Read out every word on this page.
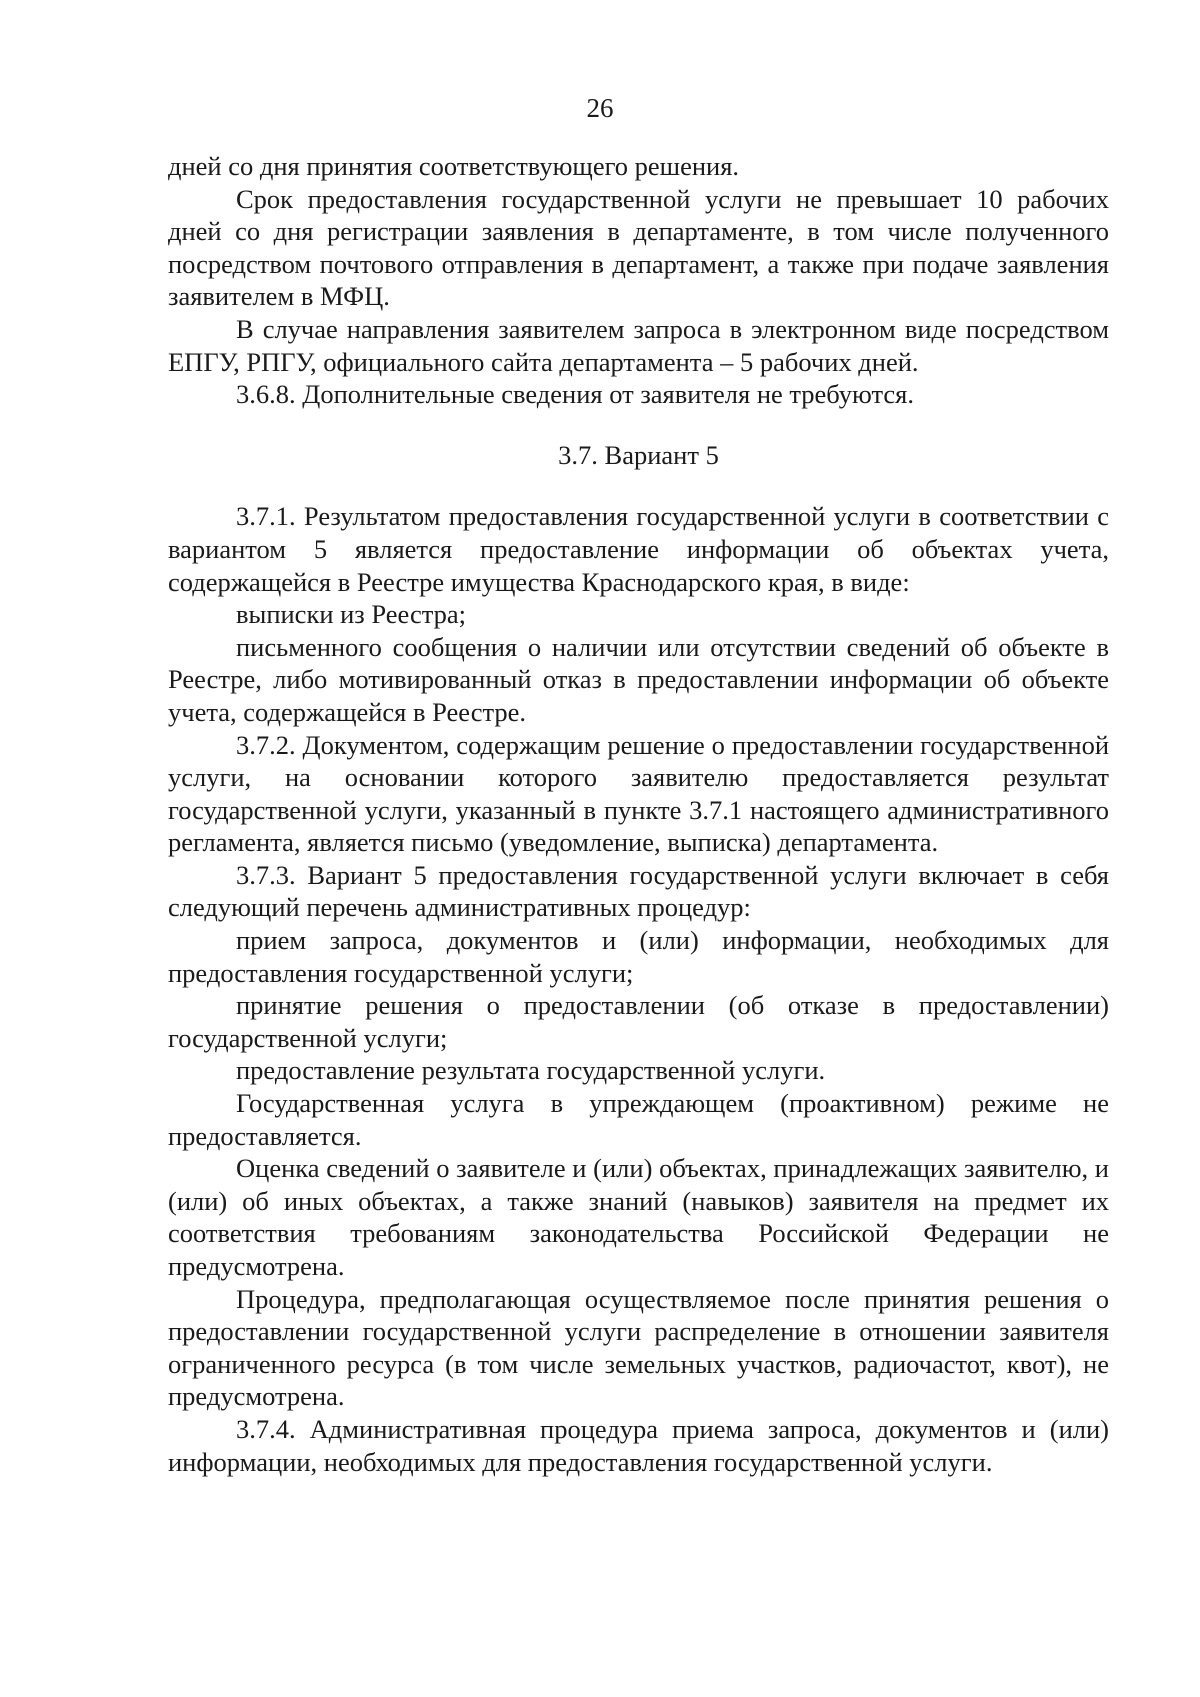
26

дней со дня принятия соответствующего решения.

Срок предоставления государственной услуги не превышает 10 рабочих дней со дня регистрации заявления в департаменте, в том числе полученного посредством почтового отправления в департамент, а также при подаче заявления заявителем в МФЦ.

В случае направления заявителем запроса в электронном виде посредством ЕПГУ, РПГУ, официального сайта департамента – 5 рабочих дней.

3.6.8. Дополнительные сведения от заявителя не требуются.

3.7. Вариант 5

3.7.1. Результатом предоставления государственной услуги в соответствии с вариантом 5 является предоставление информации об объектах учета, содержащейся в Реестре имущества Краснодарского края, в виде:

выписки из Реестра;

письменного сообщения о наличии или отсутствии сведений об объекте в Реестре, либо мотивированный отказ в предоставлении информации об объекте учета, содержащейся в Реестре.

3.7.2. Документом, содержащим решение о предоставлении государственной услуги, на основании которого заявителю предоставляется результат государственной услуги, указанный в пункте 3.7.1 настоящего административного регламента, является письмо (уведомление, выписка) департамента.

3.7.3. Вариант 5 предоставления государственной услуги включает в себя следующий перечень административных процедур:

прием запроса, документов и (или) информации, необходимых для предоставления государственной услуги;

принятие решения о предоставлении (об отказе в предоставлении) государственной услуги;

предоставление результата государственной услуги.

Государственная услуга в упреждающем (проактивном) режиме не предоставляется.

Оценка сведений о заявителе и (или) объектах, принадлежащих заявителю, и (или) об иных объектах, а также знаний (навыков) заявителя на предмет их соответствия требованиям законодательства Российской Федерации не предусмотрена.

Процедура, предполагающая осуществляемое после принятия решения о предоставлении государственной услуги распределение в отношении заявителя ограниченного ресурса (в том числе земельных участков, радиочастот, квот), не предусмотрена.

3.7.4. Административная процедура приема запроса, документов и (или) информации, необходимых для предоставления государственной услуги.
